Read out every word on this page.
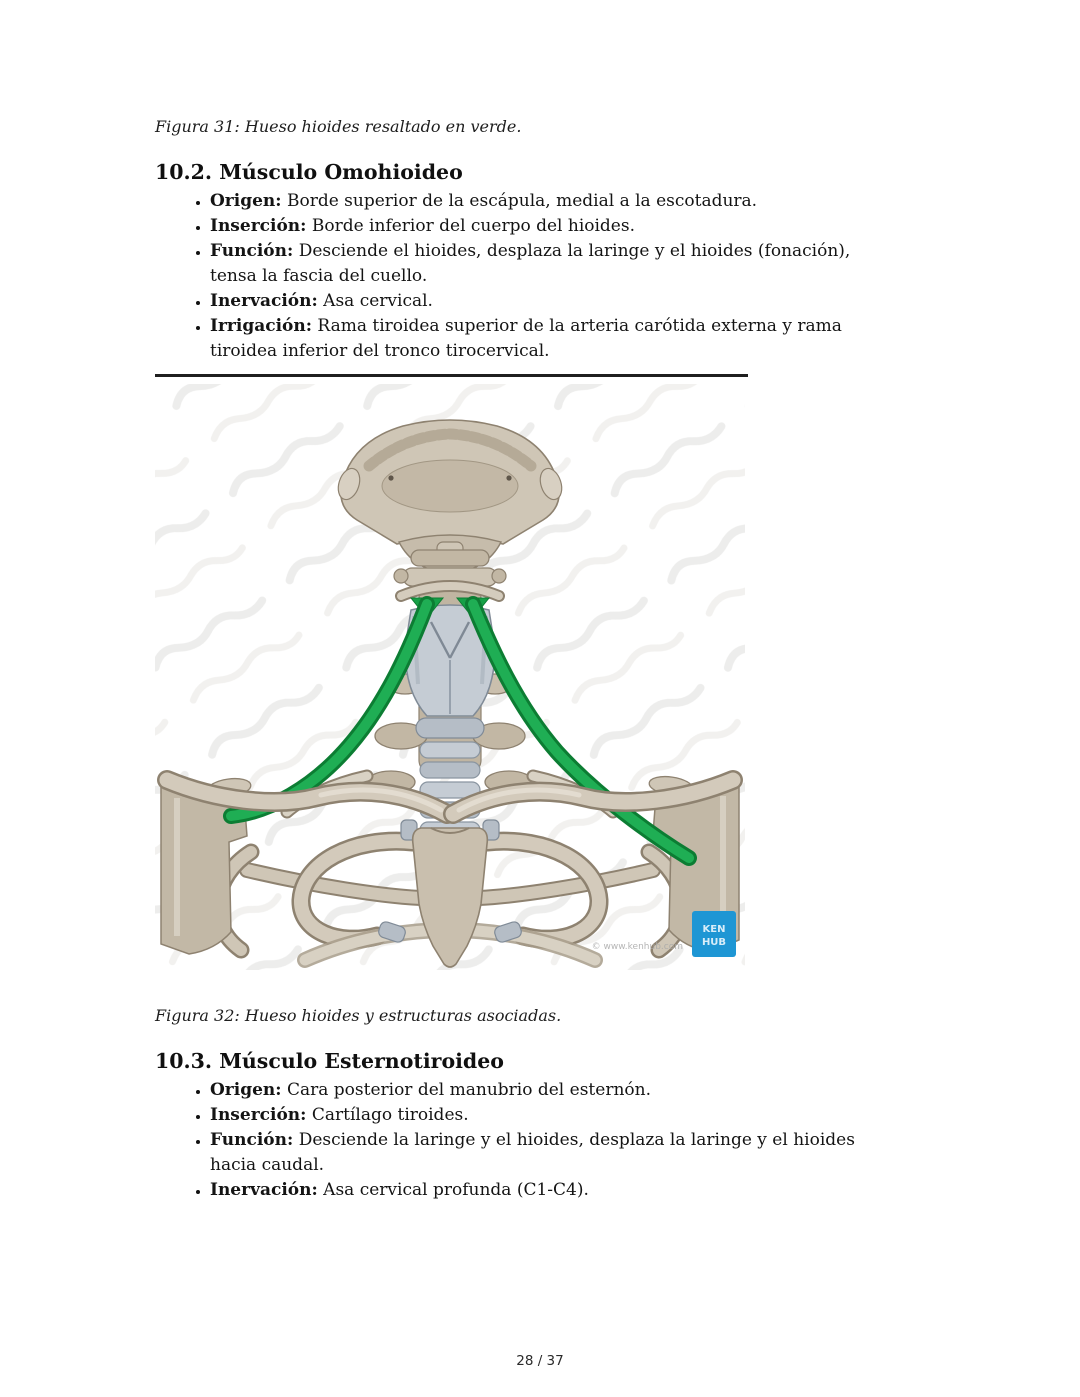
Figura 31: Hueso hioides resaltado en verde.
10.2. Músculo Omohioideo
• Origen: Borde superior de la escápula, medial a la escotadura.
• Inserción: Borde inferior del cuerpo del hioides.
• Función: Desciende el hioides, desplaza la laringe y el hioides (fonación), tensa la fascia del cuello.
• Inervación: Asa cervical.
• Irrigación: Rama tiroidea superior de la arteria carótida externa y rama tiroidea inferior del tronco tirocervical.
© www.kenhub.com
KEN
HUB
Figura 32: Hueso hioides y estructuras asociadas.
10.3. Músculo Esternotiroideo
• Origen: Cara posterior del manubrio del esternón.
• Inserción: Cartílago tiroides.
• Función: Desciende la laringe y el hioides, desplaza la laringe y el hioides hacia caudal.
• Inervación: Asa cervical profunda (C1-C4).
28 / 37
